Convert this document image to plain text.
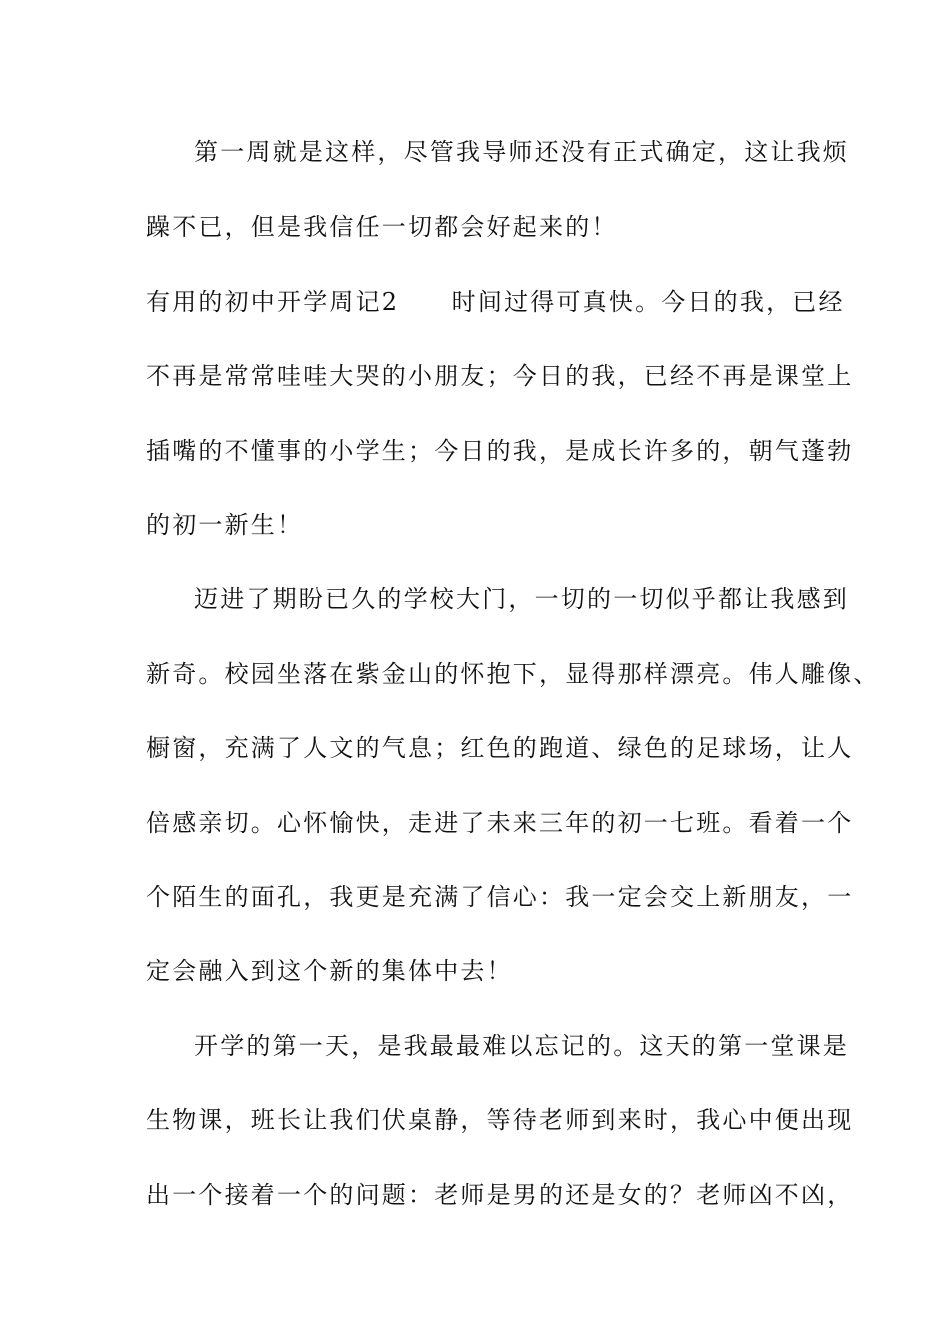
第一周就是这样，尽管我导师还没有正式确定，这让我烦
躁不已，但是我信任一切都会好起来的！
有用的初中开学周记2　　时间过得可真快。今日的我，已经
不再是常常哇哇大哭的小朋友；今日的我，已经不再是课堂上
插嘴的不懂事的小学生；今日的我，是成长许多的，朝气蓬勃
的初一新生！
迈进了期盼已久的学校大门，一切的一切似乎都让我感到
新奇。校园坐落在紫金山的怀抱下，显得那样漂亮。伟人雕像、
橱窗，充满了人文的气息；红色的跑道、绿色的足球场，让人
倍感亲切。心怀愉快，走进了未来三年的初一七班。看着一个
个陌生的面孔，我更是充满了信心：我一定会交上新朋友，一
定会融入到这个新的集体中去！
开学的第一天，是我最最难以忘记的。这天的第一堂课是
生物课，班长让我们伏桌静，等待老师到来时，我心中便出现
出一个接着一个的问题：老师是男的还是女的？老师凶不凶，
